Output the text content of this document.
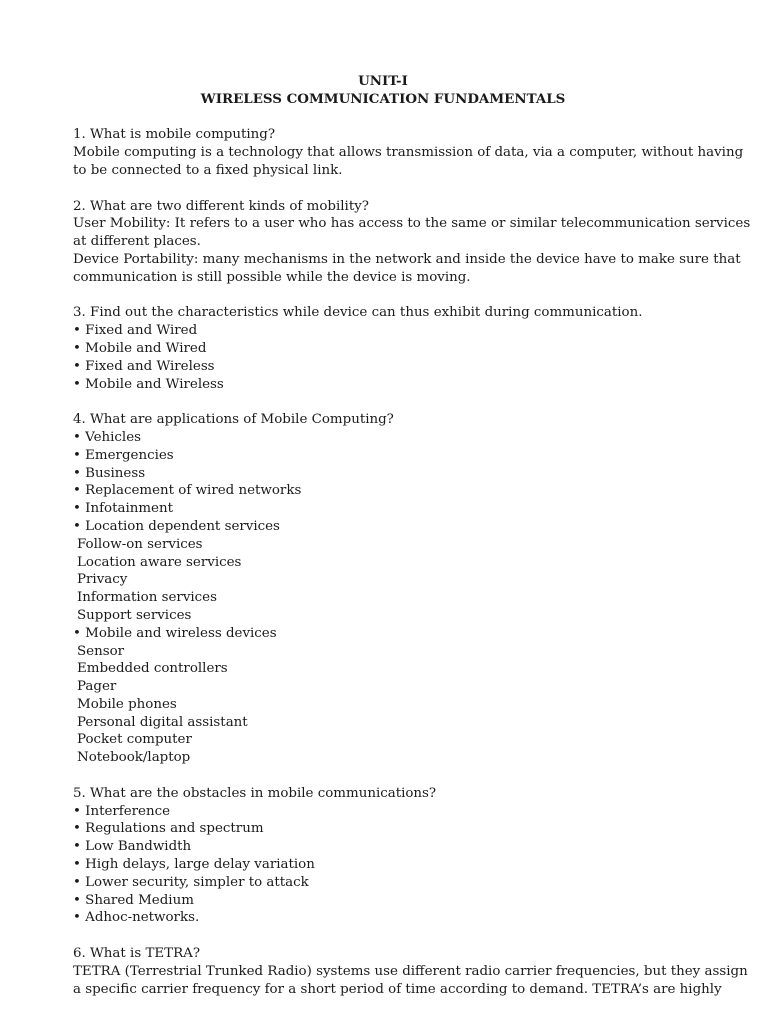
UNIT-I

WIRELESS COMMUNICATION FUNDAMENTALS

1. What is mobile computing?

Mobile computing is a technology that allows transmission of data, via a computer, without having

to be connected to a fixed physical link.

2. What are two different kinds of mobility?

User Mobility: It refers to a user who has access to the same or similar telecommunication services

at different places.

Device Portability: many mechanisms in the network and inside the device have to make sure that

communication is still possible while the device is moving.

3. Find out the characteristics while device can thus exhibit during communication.

• Fixed and Wired

• Mobile and Wired

• Fixed and Wireless

• Mobile and Wireless

4. What are applications of Mobile Computing?

• Vehicles

• Emergencies

• Business

• Replacement of wired networks

• Infotainment

• Location dependent services

Follow-on services

Location aware services

Privacy

Information services

Support services

• Mobile and wireless devices

Sensor

Embedded controllers

Pager

Mobile phones

Personal digital assistant

Pocket computer

Notebook/laptop

5. What are the obstacles in mobile communications?

• Interference

• Regulations and spectrum

• Low Bandwidth

• High delays, large delay variation

• Lower security, simpler to attack

• Shared Medium

• Adhoc-networks.

6. What is TETRA?

TETRA (Terrestrial Trunked Radio) systems use different radio carrier frequencies, but they assign

a specific carrier frequency for a short period of time according to demand. TETRA’s are highly
